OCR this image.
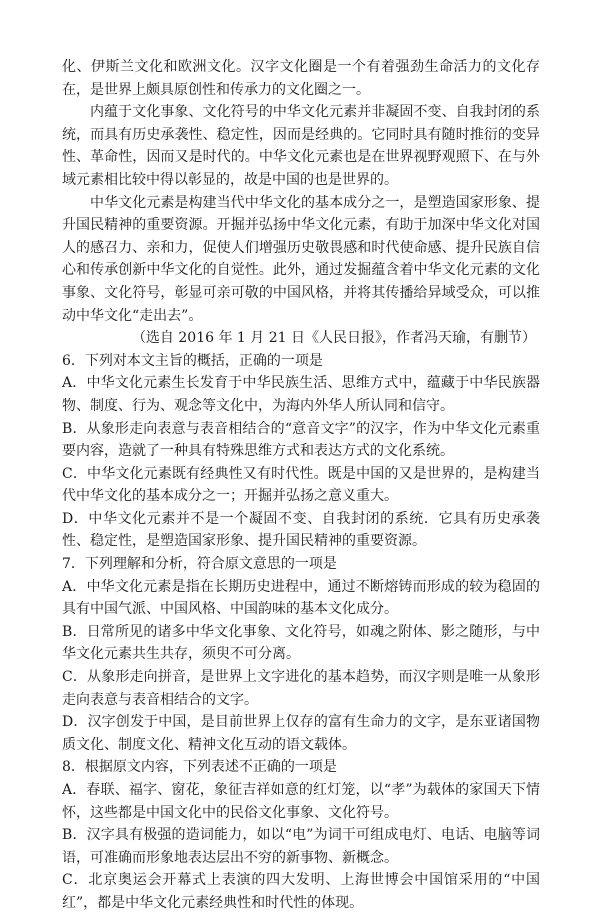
化、伊斯兰文化和欧洲文化。汉字文化圈是一个有着强劲生命活力的文化存在，是世界上颇具原创性和传承力的文化圈之一。

内蕴于文化事象、文化符号的中华文化元素并非凝固不变、自我封闭的系统，而具有历史承袭性、稳定性，因而是经典的。它同时具有随时推衍的变异性、革命性，因而又是时代的。中华文化元素也是在世界视野观照下、在与外域元素相比较中得以彰显的，故是中国的也是世界的。

中华文化元素是构建当代中华文化的基本成分之一，是塑造国家形象、提升国民精神的重要资源。开掘并弘扬中华文化元素，有助于加深中华文化对国人的感召力、亲和力，促使人们增强历史敬畏感和时代使命感、提升民族自信心和传承创新中华文化的自觉性。此外，通过发掘蕴含着中华文化元素的文化事象、文化符号，彰显可亲可敬的中国风格，并将其传播给异域受众，可以推动中华文化“走出去”。

（选自 2016 年 1 月 21 日《人民日报》，作者冯天瑜，有删节）

6．下列对本文主旨的概括，正确的一项是

A．中华文化元素生长发育于中华民族生活、思维方式中，蕴藏于中华民族器物、制度、行为、观念等文化中，为海内外华人所认同和信守。

B．从象形走向表意与表音相结合的“意音文字”的汉字，作为中华文化元素重要内容，造就了一种具有特殊思维方式和表达方式的文化系统。

C．中华文化元素既有经典性又有时代性。既是中国的又是世界的，是构建当代中华文化的基本成分之一；开掘并弘扬之意义重大。

D．中华文化元素并不是一个凝固不变、自我封闭的系统．它具有历史承袭性、稳定性，是塑造国家形象、提升国民精神的重要资源。

7．下列理解和分析，符合原文意思的一项是

A．中华文化元素是指在长期历史进程中，通过不断熔铸而形成的较为稳固的具有中国气派、中国风格、中国韵味的基本文化成分。

B．日常所见的诸多中华文化事象、文化符号，如魂之附体、影之随形，与中华文化元素共生共存，须臾不可分离。

C．从象形走向拼音，是世界上文字进化的基本趋势，而汉字则是唯一从象形走向表意与表音相结合的文字。

D．汉字创发于中国，是目前世界上仅存的富有生命力的文字，是东亚诸国物质文化、制度文化、精神文化互动的语文载体。

8．根据原文内容，下列表述不正确的一项是

A．春联、福字、窗花，象征吉祥如意的红灯笼，以“孝”为载体的家国天下情怀，这些都是中国文化中的民俗文化事象、文化符号。

B．汉字具有极强的造词能力，如以“电”为词干可组成电灯、电话、电脑等词语，可准确而形象地表达层出不穷的新事物、新概念。

C．北京奥运会开幕式上表演的四大发明、上海世博会中国馆采用的“中国红”，都是中华文化元素经典性和时代性的体现。
